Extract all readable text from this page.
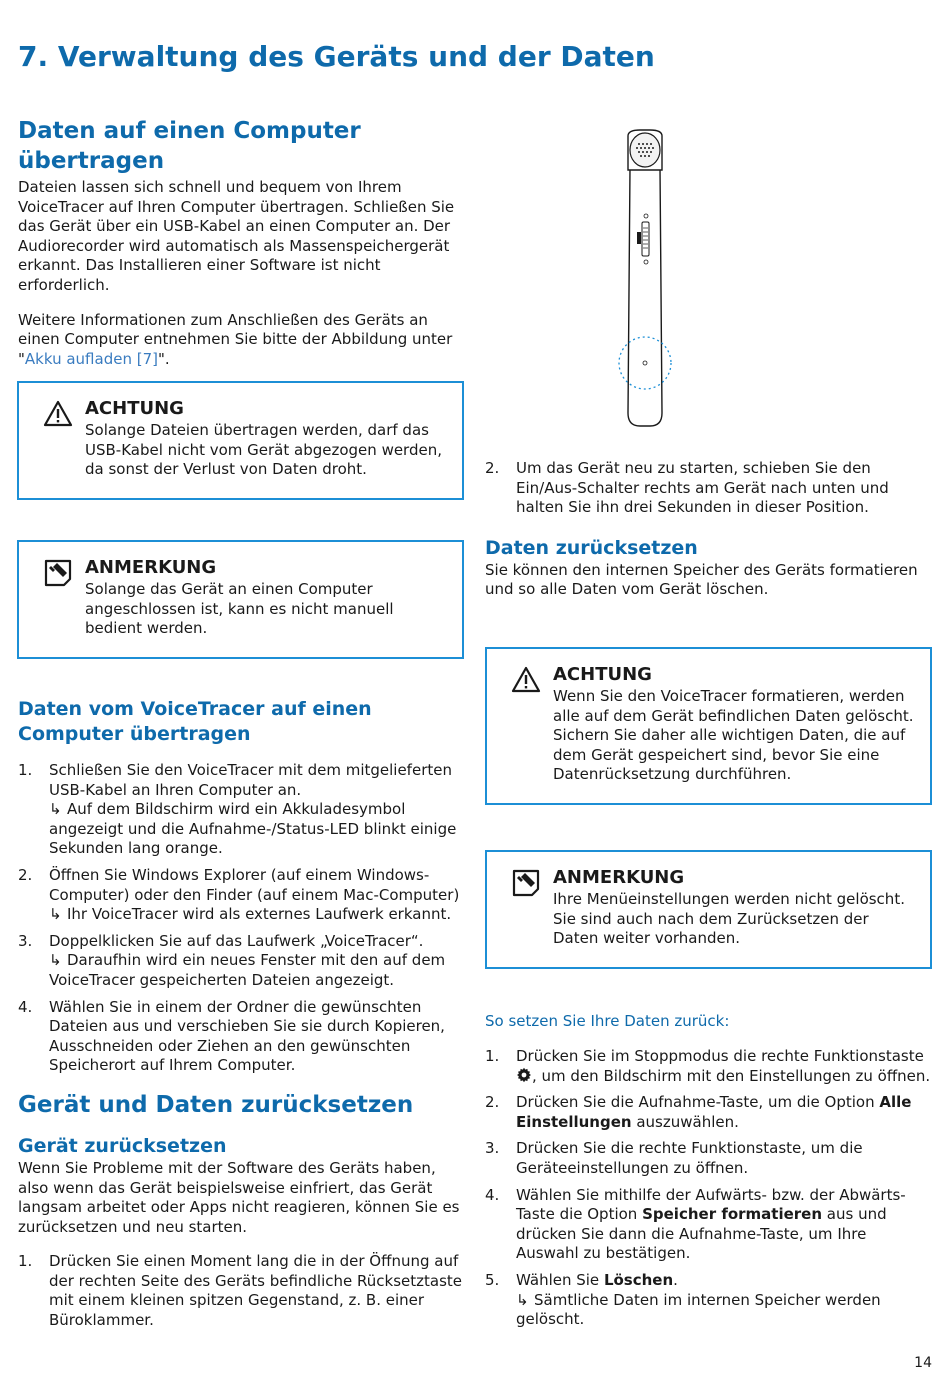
7. Verwaltung des Geräts und der Daten
Daten auf einen Computer übertragen

Dateien lassen sich schnell und bequem von Ihrem VoiceTracer auf Ihren Computer übertragen. Schließen Sie das Gerät über ein USB-Kabel an einen Computer an. Der Audiorecorder wird automatisch als Massenspeichergerät erkannt. Das Installieren einer Software ist nicht erforderlich.

Weitere Informationen zum Anschließen des Geräts an einen Computer entnehmen Sie bitte der Abbildung unter "Akku aufladen [7]".

ACHTUNG

Solange Dateien übertragen werden, darf das USB-Kabel nicht vom Gerät abgezogen werden, da sonst der Verlust von Daten droht.

ANMERKUNG

Solange das Gerät an einen Computer angeschlossen ist, kann es nicht manuell bedient werden.

Daten vom VoiceTracer auf einen Computer übertragen
1. Schließen Sie den VoiceTracer mit dem mitgelieferten USB-Kabel an Ihren Computer an.
↳ Auf dem Bildschirm wird ein Akkuladesymbol angezeigt und die Aufnahme-/Status-LED blinkt einige Sekunden lang orange.
2. Öffnen Sie Windows Explorer (auf einem Windows-Computer) oder den Finder (auf einem Mac-Computer)
↳ Ihr VoiceTracer wird als externes Laufwerk erkannt.
3. Doppelklicken Sie auf das Laufwerk „VoiceTracer“.
↳ Daraufhin wird ein neues Fenster mit den auf dem VoiceTracer gespeicherten Dateien angezeigt.
4. Wählen Sie in einem der Ordner die gewünschten Dateien aus und verschieben Sie sie durch Kopieren, Ausschneiden oder Ziehen an den gewünschten Speicherort auf Ihrem Computer.
Gerät und Daten zurücksetzen
Gerät zurücksetzen

Wenn Sie Probleme mit der Software des Geräts haben, also wenn das Gerät beispielsweise einfriert, das Gerät langsam arbeitet oder Apps nicht reagieren, können Sie es zurücksetzen und neu starten.

1. Drücken Sie einen Moment lang die in der Öffnung auf der rechten Seite des Geräts befindliche Rücksetztaste mit einem kleinen spitzen Gegenstand, z. B. einer Büroklammer.
2. Um das Gerät neu zu starten, schieben Sie den Ein/Aus-Schalter rechts am Gerät nach unten und halten Sie ihn drei Sekunden in dieser Position.
Daten zurücksetzen

Sie können den internen Speicher des Geräts formatieren und so alle Daten vom Gerät löschen.

ACHTUNG

Wenn Sie den VoiceTracer formatieren, werden alle auf dem Gerät befindlichen Daten gelöscht. Sichern Sie daher alle wichtigen Daten, die auf dem Gerät gespeichert sind, bevor Sie eine Datenrücksetzung durchführen.

ANMERKUNG

Ihre Menüeinstellungen werden nicht gelöscht. Sie sind auch nach dem Zurücksetzen der Daten weiter vorhanden.

So setzen Sie Ihre Daten zurück:
1. Drücken Sie im Stoppmodus die rechte Funktionstaste
, um den Bildschirm mit den Einstellungen zu öffnen.
2. Drücken Sie die Aufnahme-Taste, um die Option Alle Einstellungen auszuwählen.
3. Drücken Sie die rechte Funktionstaste, um die Geräteeinstellungen zu öffnen.
4. Wählen Sie mithilfe der Aufwärts- bzw. der Abwärts-Taste die Option Speicher formatieren aus und drücken Sie dann die Aufnahme-Taste, um Ihre Auswahl zu bestätigen.
5. Wählen Sie Löschen.
↳ Sämtliche Daten im internen Speicher werden gelöscht.
14
